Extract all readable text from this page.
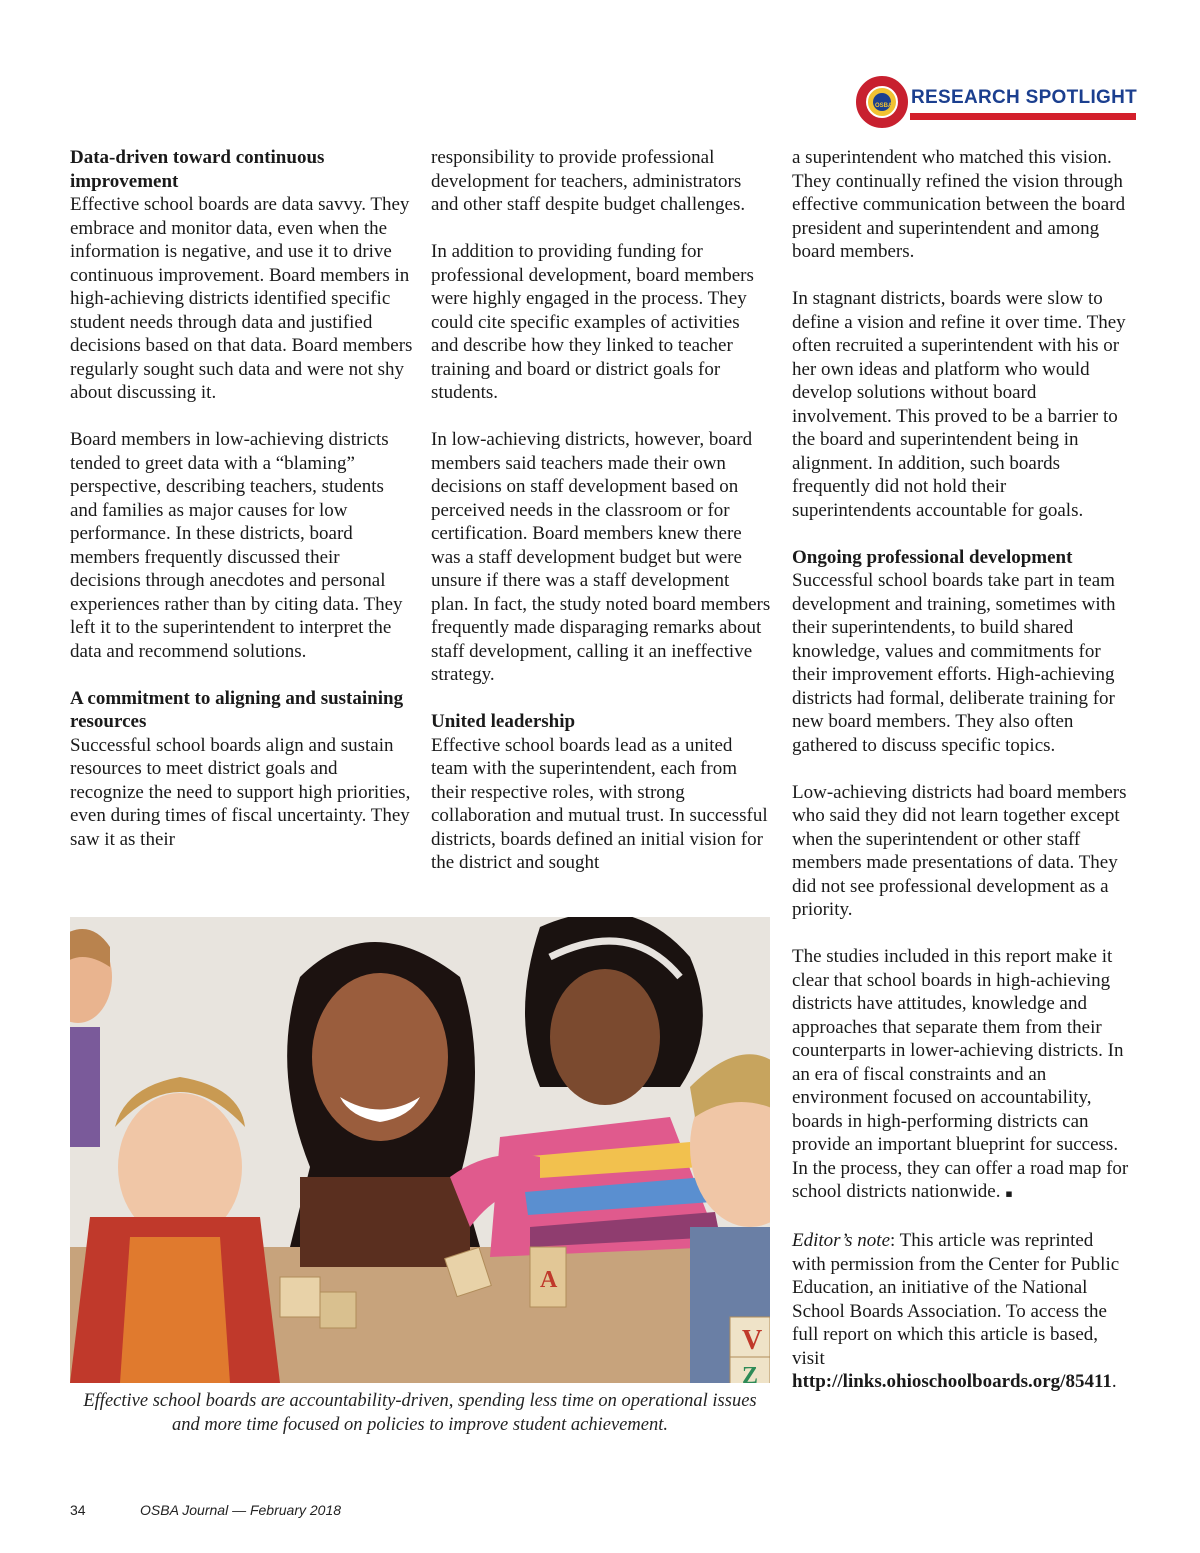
OSBA RESEARCH SPOTLIGHT
Data-driven toward continuous improvement

Effective school boards are data savvy. They embrace and monitor data, even when the information is negative, and use it to drive continuous improvement. Board members in high-achieving districts identified specific student needs through data and justified decisions based on that data. Board members regularly sought such data and were not shy about discussing it.

Board members in low-achieving districts tended to greet data with a “blaming” perspective, describing teachers, students and families as major causes for low performance. In these districts, board members frequently discussed their decisions through anecdotes and personal experiences rather than by citing data. They left it to the superintendent to interpret the data and recommend solutions.

A commitment to aligning and sustaining resources

Successful school boards align and sustain resources to meet district goals and recognize the need to support high priorities, even during times of fiscal uncertainty. They saw it as their

responsibility to provide professional development for teachers, administrators and other staff despite budget challenges.

In addition to providing funding for professional development, board members were highly engaged in the process. They could cite specific examples of activities and describe how they linked to teacher training and board or district goals for students.

In low-achieving districts, however, board members said teachers made their own decisions on staff development based on perceived needs in the classroom or for certification. Board members knew there was a staff development budget but were unsure if there was a staff development plan. In fact, the study noted board members frequently made disparaging remarks about staff development, calling it an ineffective strategy.

United leadership

Effective school boards lead as a united team with the superintendent, each from their respective roles, with strong collaboration and mutual trust. In successful districts, boards defined an initial vision for the district and sought

a superintendent who matched this vision. They continually refined the vision through effective communication between the board president and superintendent and among board members.

In stagnant districts, boards were slow to define a vision and refine it over time. They often recruited a superintendent with his or her own ideas and platform who would develop solutions without board involvement. This proved to be a barrier to the board and superintendent being in alignment. In addition, such boards frequently did not hold their superintendents accountable for goals.

Ongoing professional development

Successful school boards take part in team development and training, sometimes with their superintendents, to build shared knowledge, values and commitments for their improvement efforts. High-achieving districts had formal, deliberate training for new board members. They also often gathered to discuss specific topics.

Low-achieving districts had board members who said they did not learn together except when the superintendent or other staff members made presentations of data. They did not see professional development as a priority.

The studies included in this report make it clear that school boards in high-achieving districts have attitudes, knowledge and approaches that separate them from their counterparts in lower-achieving districts. In an era of fiscal constraints and an environment focused on accountability, boards in high-performing districts can provide an important blueprint for success. In the process, they can offer a road map for school districts nationwide. ▪

Editor’s note: This article was reprinted with permission from the Center for Public Education, an initiative of the National School Boards Association. To access the full report on which this article is based, visit http://links.ohioschoolboards.org/85411.

V
Z
A
Effective school boards are accountability-driven, spending less time on operational issues and more time focused on policies to improve student achievement.
34	OSBA Journal — February 2018
